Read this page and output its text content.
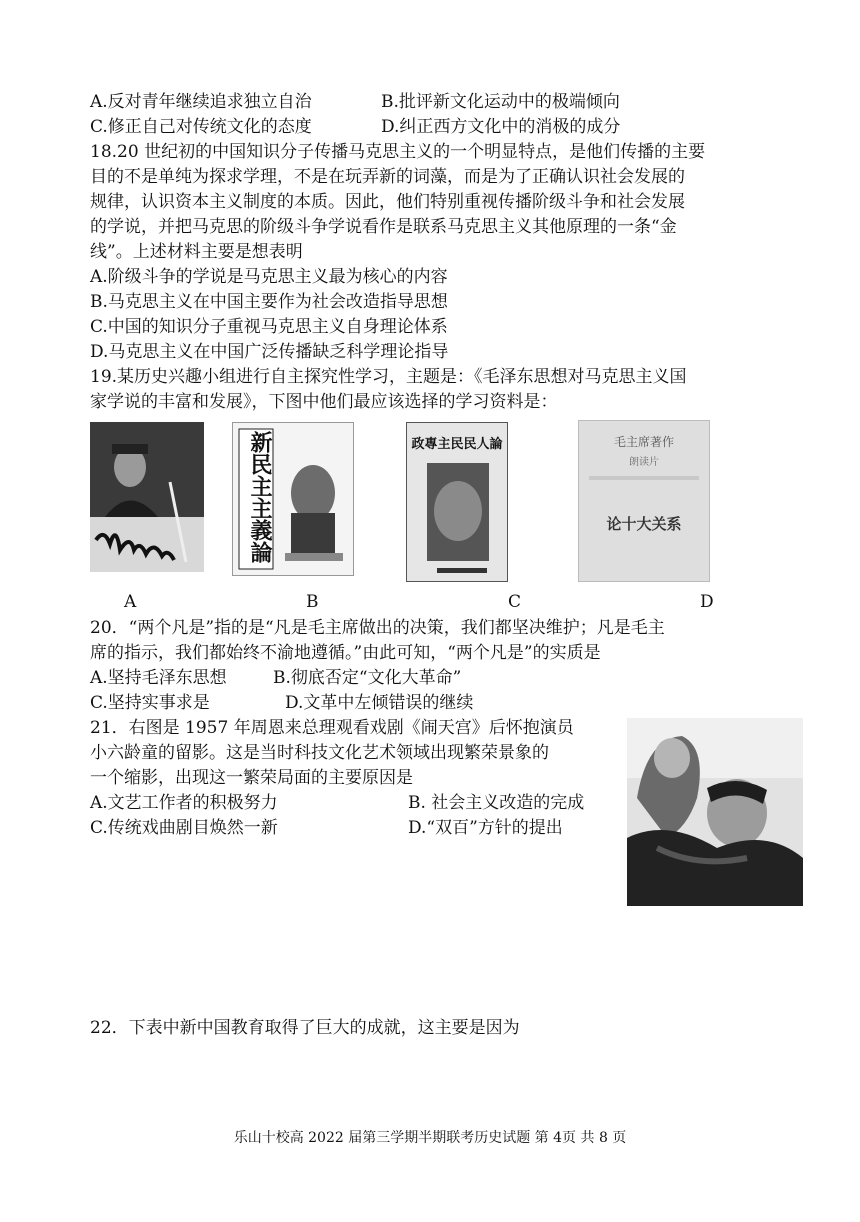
A.反对青年继续追求独立自治	B.批评新文化运动中的极端倾向
C.修正自己对传统文化的态度	D.纠正西方文化中的消极的成分
18.20 世纪初的中国知识分子传播马克思主义的一个明显特点，是他们传播的主要
目的不是单纯为探求学理，不是在玩弄新的词藻，而是为了正确认识社会发展的
规律，认识资本主义制度的本质。因此，他们特别重视传播阶级斗争和社会发展
的学说，并把马克思的阶级斗争学说看作是联系马克思主义其他原理的一条“金
线”。上述材料主要是想表明
A.阶级斗争的学说是马克思主义最为核心的内容
B.马克思主义在中国主要作为社会改造指导思想
C.中国的知识分子重视马克思主义自身理论体系
D.马克思主义在中国广泛传播缺乏科学理论指导
19.某历史兴趣小组进行自主探究性学习，主题是：《毛泽东思想对马克思主义国
家学说的丰富和发展》，下图中他们最应该选择的学习资料是：
新民主主義論	政專主民民人論	毛主席著作
朗读片
论十大关系
A	B	C	D
20．“两个凡是”指的是“凡是毛主席做出的决策，我们都坚决维护；凡是毛主
席的指示，我们都始终不渝地遵循。”由此可知，“两个凡是”的实质是
A.坚持毛泽东思想	B.彻底否定“文化大革命”
C.坚持实事求是	D.文革中左倾错误的继续
21．右图是 1957 年周恩来总理观看戏剧《闹天宫》后怀抱演员
小六龄童的留影。这是当时科技文化艺术领域出现繁荣景象的
一个缩影，出现这一繁荣局面的主要原因是
A.文艺工作者的积极努力	B. 社会主义改造的完成
C.传统戏曲剧目焕然一新	D.“双百”方针的提出
22．下表中新中国教育取得了巨大的成就，这主要是因为
乐山十校高 2022 届第三学期半期联考历史试题 第 4页 共 8 页
